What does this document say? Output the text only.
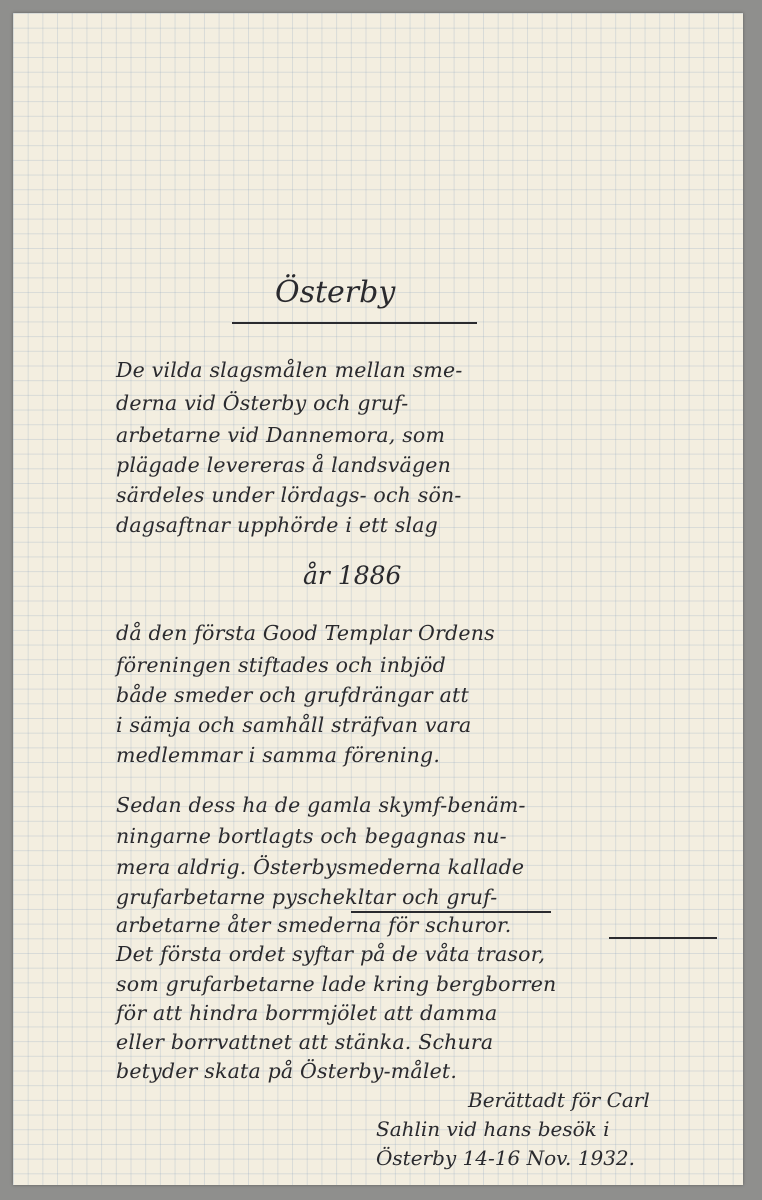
Österby
De vilda slagsmålen mellan sme-
derna vid Österby och gruf-
arbetarne vid Dannemora, som
plägade levereras å landsvägen
särdeles under lördags- och sön-
dagsaftnar upphörde i ett slag
år 1886
då den första Good Templar Ordens
föreningen stiftades och inbjöd
både smeder och grufdrängar att
i sämja och samhåll sträfvan vara
medlemmar i samma förening.
Sedan dess ha de gamla skymf-benäm-
ningarne bortlagts och begagnas nu-
mera aldrig. Österbysmederna kallade
grufarbetarne pyschekltar och gruf-
arbetarne åter smederna för schuror.
Det första ordet syftar på de våta trasor,
som grufarbetarne lade kring bergborren
för att hindra borrmjölet att damma
eller borrvattnet att stänka. Schura
betyder skata på Österby-målet.
Berättadt för Carl
Sahlin vid hans besök i
Österby 14-16 Nov. 1932.
